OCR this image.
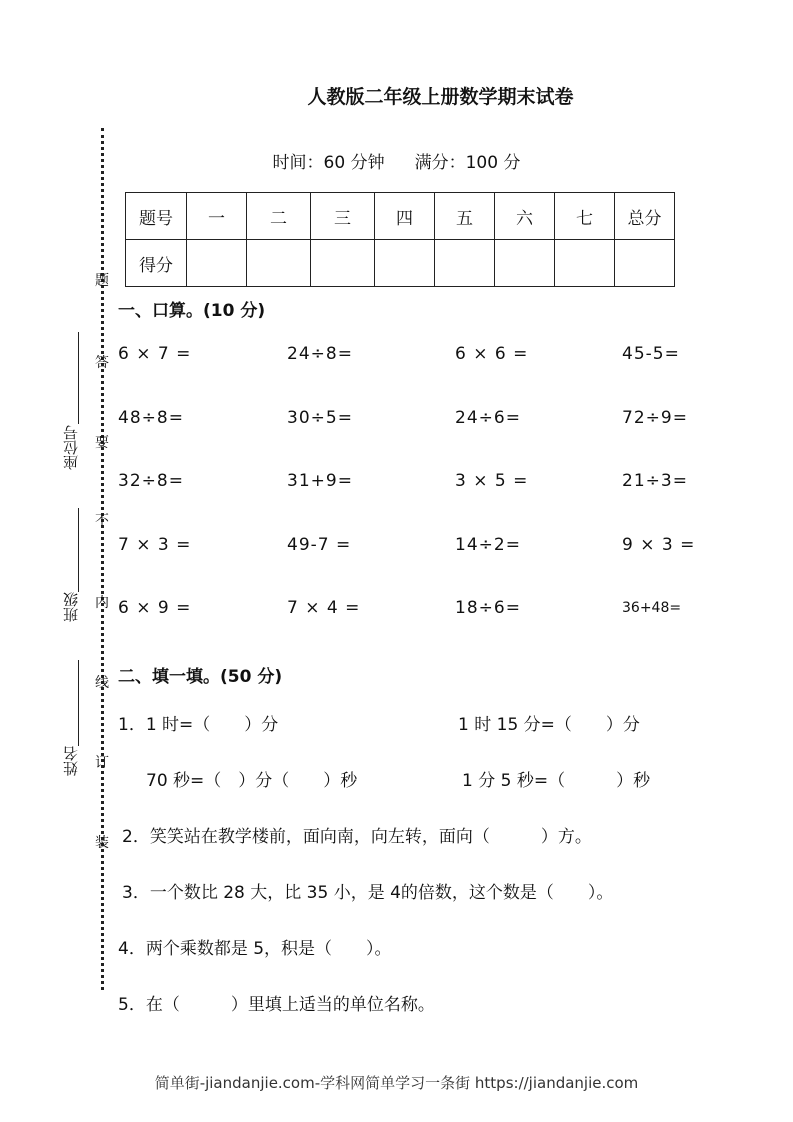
人教版二年级上册数学期末试卷
时间：60 分钟 满分：100 分
题号	一	二	三	四	五	六	七	总分
得分								
题
答
要
不
内
线
订
装
座位号
班级
姓名
一、口算。(10 分)
6 × 7 =	24÷8=	6 × 6 =	45-5=
48÷8=	30÷5=	24÷6=	72÷9=
32÷8=	31+9=	3 × 5 =	21÷3=
7 × 3 =	49-7 =	14÷2=	9 × 3 =
6 × 9 =	7 × 4 =	18÷6=	36+48=
二、填一填。(50 分)
1．1 时=（　　）分	1 时 15 分=（　　）分
70 秒=（　）分（　　）秒	1 分 5 秒=（　　　）秒
2．笑笑站在教学楼前，面向南，向左转，面向（　　　）方。
3．一个数比 28 大，比 35 小，是 4的倍数，这个数是（　　）。
4．两个乘数都是 5，积是（　　）。
5．在（　　　）里填上适当的单位名称。
简单街-jiandanjie.com-学科网简单学习一条街 https://jiandanjie.com
